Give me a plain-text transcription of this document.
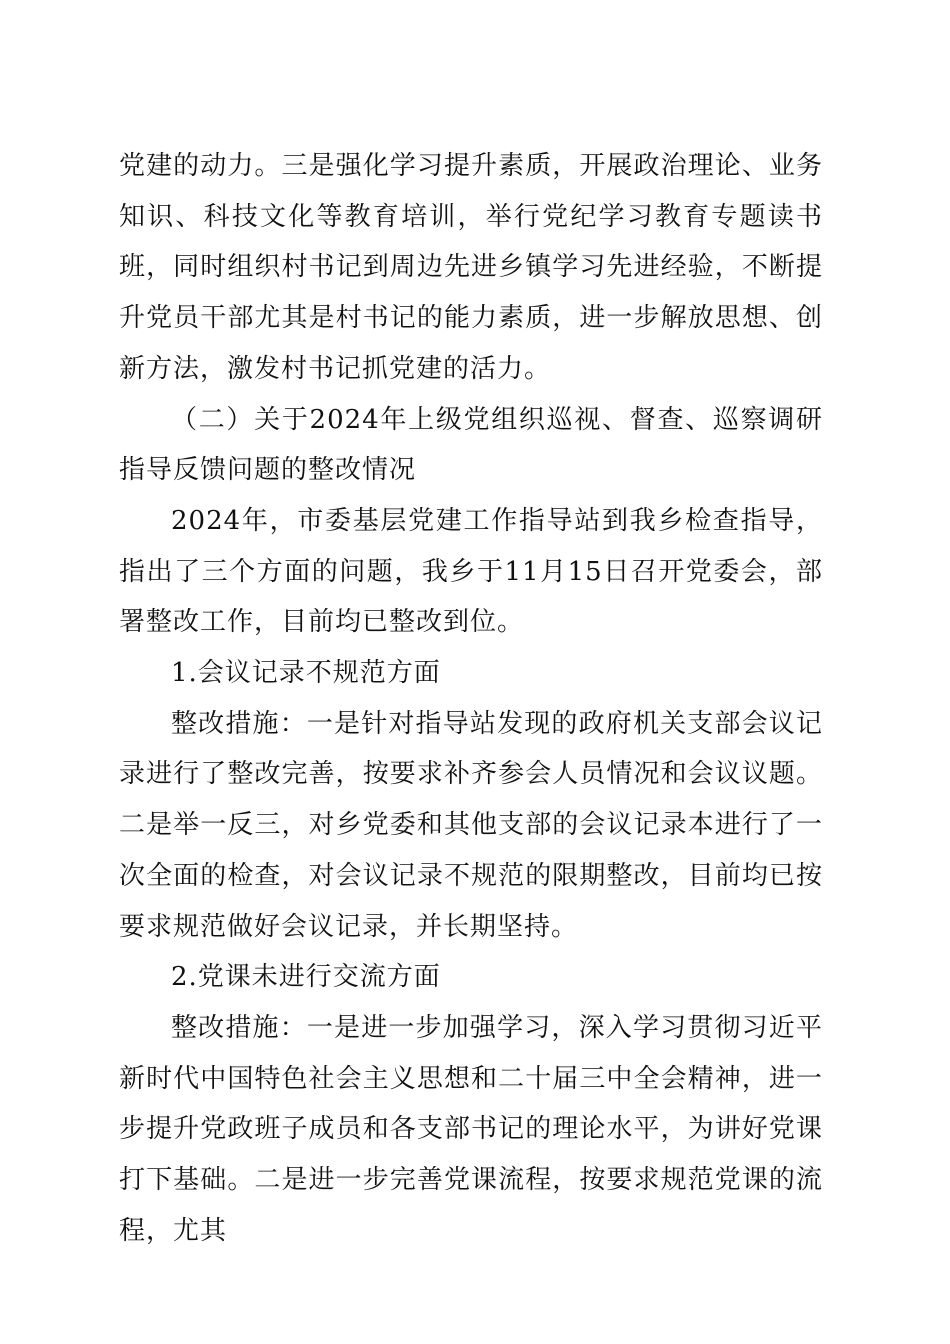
党建的动力。三是强化学习提升素质，开展政治理论、业务知识、科技文化等教育培训，举行党纪学习教育专题读书班，同时组织村书记到周边先进乡镇学习先进经验，不断提升党员干部尤其是村书记的能力素质，进一步解放思想、创新方法，激发村书记抓党建的活力。

（二）关于2024年上级党组织巡视、督查、巡察调研指导反馈问题的整改情况

2024年，市委基层党建工作指导站到我乡检查指导，指出了三个方面的问题，我乡于11月15日召开党委会，部署整改工作，目前均已整改到位。

1.会议记录不规范方面

整改措施：一是针对指导站发现的政府机关支部会议记录进行了整改完善，按要求补齐参会人员情况和会议议题。二是举一反三，对乡党委和其他支部的会议记录本进行了一次全面的检查，对会议记录不规范的限期整改，目前均已按要求规范做好会议记录，并长期坚持。

2.党课未进行交流方面

整改措施：一是进一步加强学习，深入学习贯彻习近平新时代中国特色社会主义思想和二十届三中全会精神，进一步提升党政班子成员和各支部书记的理论水平，为讲好党课打下基础。二是进一步完善党课流程，按要求规范党课的流程，尤其
